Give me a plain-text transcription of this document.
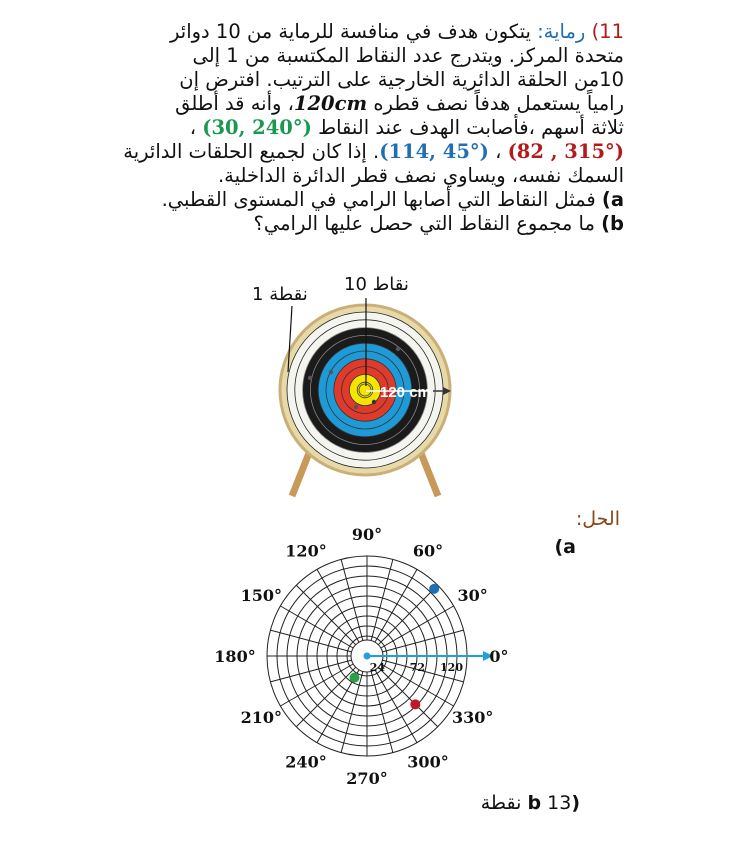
11) رماية: يتكون هدف في منافسة للرماية من 10 دوائر
متحدة المركز. ويتدرج عدد النقاط المكتسبة من 1 إلى
10من الحلقة الدائرية الخارجية على الترتيب. افترض إن
رامياً يستعمل هدفاً نصف قطره 120cm، وأنه قد أطلق
ثلاثة أسهم ،فأصابت الهدف عند النقاط (30, 240°) ،
(82 , 315°) ، (114, 45°). إذا كان لجميع الحلقات الدائرية
السمك نفسه، ويساوي نصف قطر الدائرة الداخلية.
a) فمثل النقاط التي أصابها الرامي في المستوى القطبي.
b) ما مجموع النقاط التي حصل عليها الرامي؟
120 cm
10 نقاط
1 نقطة
الحل:
(a
0°
30°
60°
90°
120°
150°
180°
210°
240°
270°
300°
330°
24 72 120
(b 13 نقطة
